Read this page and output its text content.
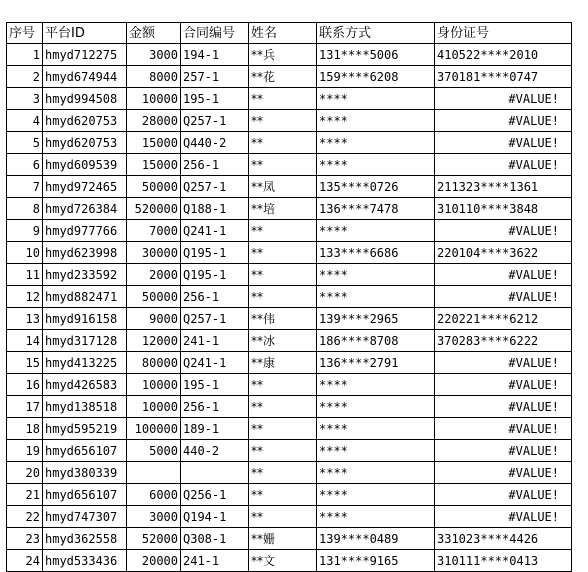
序号	平台ID	金额	合同编号	姓名	联系方式	身份证号
1	hmyd712275	3000	194-1	**兵	131****5006	410522****2010
2	hmyd674944	8000	257-1	**花	159****6208	370181****0747
3	hmyd994508	10000	195-1	**	****	#VALUE!
4	hmyd620753	28000	Q257-1	**	****	#VALUE!
5	hmyd620753	15000	Q440-2	**	****	#VALUE!
6	hmyd609539	15000	256-1	**	****	#VALUE!
7	hmyd972465	50000	Q257-1	**凤	135****0726	211323****1361
8	hmyd726384	520000	Q188-1	**培	136****7478	310110****3848
9	hmyd977766	7000	Q241-1	**	****	#VALUE!
10	hmyd623998	30000	Q195-1	**	133****6686	220104****3622
11	hmyd233592	2000	Q195-1	**	****	#VALUE!
12	hmyd882471	50000	256-1	**	****	#VALUE!
13	hmyd916158	9000	Q257-1	**伟	139****2965	220221****6212
14	hmyd317128	12000	241-1	**冰	186****8708	370283****6222
15	hmyd413225	80000	Q241-1	**康	136****2791	#VALUE!
16	hmyd426583	10000	195-1	**	****	#VALUE!
17	hmyd138518	10000	256-1	**	****	#VALUE!
18	hmyd595219	100000	189-1	**	****	#VALUE!
19	hmyd656107	5000	440-2	**	****	#VALUE!
20	hmyd380339			**	****	#VALUE!
21	hmyd656107	6000	Q256-1	**	****	#VALUE!
22	hmyd747307	3000	Q194-1	**	****	#VALUE!
23	hmyd362558	52000	Q308-1	**姗	139****0489	331023****4426
24	hmyd533436	20000	241-1	**文	131****9165	310111****0413
